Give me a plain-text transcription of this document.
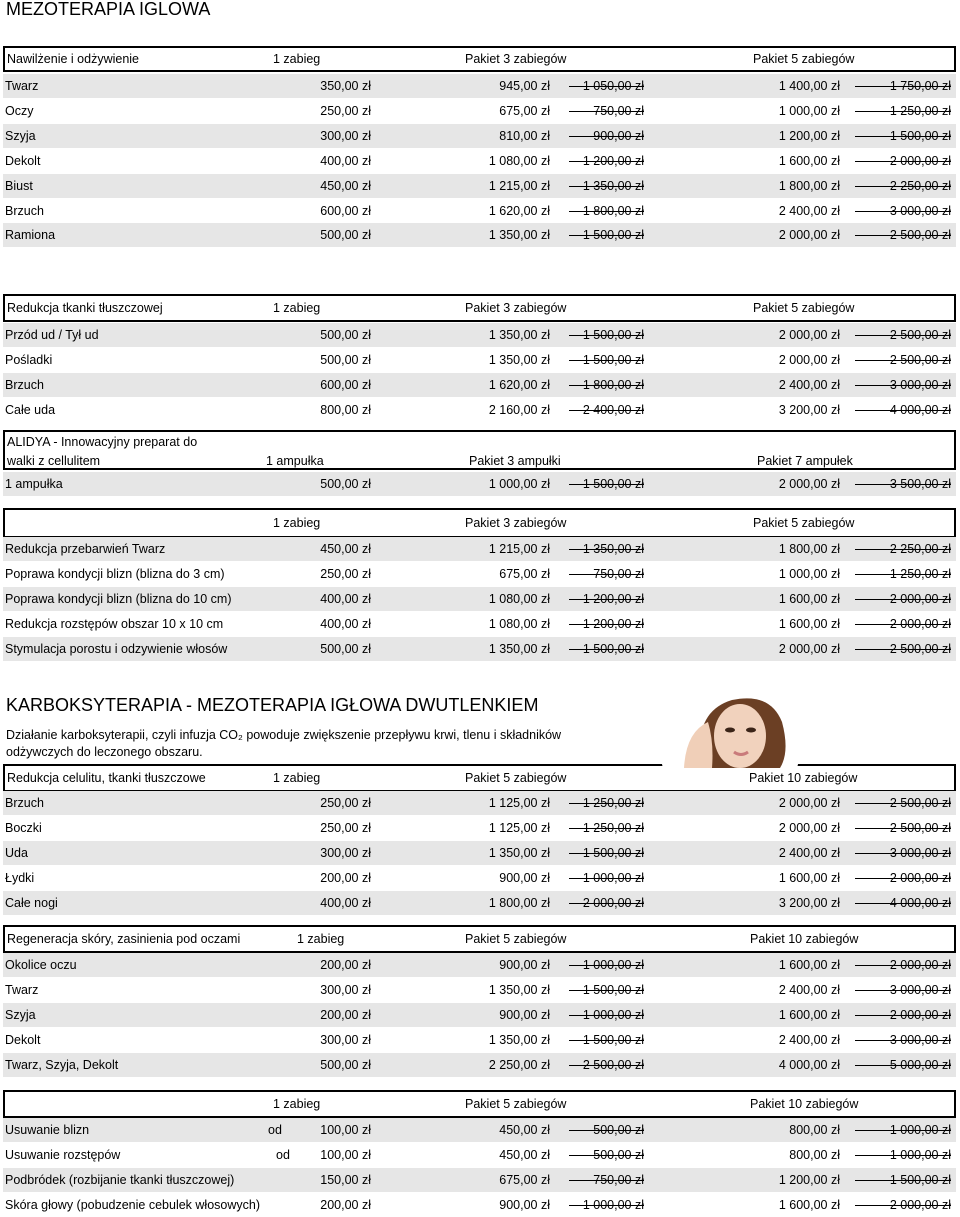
MEZOTERAPIA IGLOWA
Nawilżenie i odżywienie	1 zabieg	Pakiet 3 zabiegów	Pakiet 5 zabiegów
Twarz	350,00 zł	945,00 zł	1 050,00 zł	1 400,00 zł	1 750,00 zł
Oczy	250,00 zł	675,00 zł	750,00 zł	1 000,00 zł	1 250,00 zł
Szyja	300,00 zł	810,00 zł	900,00 zł	1 200,00 zł	1 500,00 zł
Dekolt	400,00 zł	1 080,00 zł	1 200,00 zł	1 600,00 zł	2 000,00 zł
Biust	450,00 zł	1 215,00 zł	1 350,00 zł	1 800,00 zł	2 250,00 zł
Brzuch	600,00 zł	1 620,00 zł	1 800,00 zł	2 400,00 zł	3 000,00 zł
Ramiona	500,00 zł	1 350,00 zł	1 500,00 zł	2 000,00 zł	2 500,00 zł
Redukcja tkanki tłuszczowej	1 zabieg	Pakiet 3 zabiegów	Pakiet 5 zabiegów
Przód ud / Tył ud	500,00 zł	1 350,00 zł	1 500,00 zł	2 000,00 zł	2 500,00 zł
Pośladki	500,00 zł	1 350,00 zł	1 500,00 zł	2 000,00 zł	2 500,00 zł
Brzuch	600,00 zł	1 620,00 zł	1 800,00 zł	2 400,00 zł	3 000,00 zł
Całe uda	800,00 zł	2 160,00 zł	2 400,00 zł	3 200,00 zł	4 000,00 zł
ALIDYA - Innowacyjny preparat do
walki z cellulitem	1 ampułka	Pakiet 3 ampułki	Pakiet 7 ampułek
1 ampułka	500,00 zł	1 000,00 zł	1 500,00 zł	2 000,00 zł	3 500,00 zł
1 zabieg	Pakiet 3 zabiegów	Pakiet 5 zabiegów
Redukcja przebarwień Twarz	450,00 zł	1 215,00 zł	1 350,00 zł	1 800,00 zł	2 250,00 zł
Poprawa kondycji blizn (blizna do 3 cm)	250,00 zł	675,00 zł	750,00 zł	1 000,00 zł	1 250,00 zł
Poprawa kondycji blizn (blizna do 10 cm)	400,00 zł	1 080,00 zł	1 200,00 zł	1 600,00 zł	2 000,00 zł
Redukcja rozstępów obszar 10 x 10 cm	400,00 zł	1 080,00 zł	1 200,00 zł	1 600,00 zł	2 000,00 zł
Stymulacja porostu i odzywienie włosów	500,00 zł	1 350,00 zł	1 500,00 zł	2 000,00 zł	2 500,00 zł
KARBOKSYTERAPIA - MEZOTERAPIA IGŁOWA DWUTLENKIEM
Działanie karboksyterapii, czyli infuzja CO₂ powoduje zwiększenie przepływu krwi, tlenu i składników
odżywczych do leczonego obszaru.
Redukcja celulitu, tkanki tłuszczowe	1 zabieg	Pakiet 5 zabiegów	Pakiet 10 zabiegów
Brzuch	250,00 zł	1 125,00 zł	1 250,00 zł	2 000,00 zł	2 500,00 zł
Boczki	250,00 zł	1 125,00 zł	1 250,00 zł	2 000,00 zł	2 500,00 zł
Uda	300,00 zł	1 350,00 zł	1 500,00 zł	2 400,00 zł	3 000,00 zł
Łydki	200,00 zł	900,00 zł	1 000,00 zł	1 600,00 zł	2 000,00 zł
Całe nogi	400,00 zł	1 800,00 zł	2 000,00 zł	3 200,00 zł	4 000,00 zł
Regeneracja skóry, zasinienia pod oczami	1 zabieg	Pakiet 5 zabiegów	Pakiet 10 zabiegów
Okolice oczu	200,00 zł	900,00 zł	1 000,00 zł	1 600,00 zł	2 000,00 zł
Twarz	300,00 zł	1 350,00 zł	1 500,00 zł	2 400,00 zł	3 000,00 zł
Szyja	200,00 zł	900,00 zł	1 000,00 zł	1 600,00 zł	2 000,00 zł
Dekolt	300,00 zł	1 350,00 zł	1 500,00 zł	2 400,00 zł	3 000,00 zł
Twarz, Szyja, Dekolt	500,00 zł	2 250,00 zł	2 500,00 zł	4 000,00 zł	5 000,00 zł
1 zabieg	Pakiet 5 zabiegów	Pakiet 10 zabiegów
Usuwanie blizn	od	100,00 zł	450,00 zł	500,00 zł	800,00 zł	1 000,00 zł
Usuwanie rozstępów	od 100,00 zł	450,00 zł	500,00 zł	800,00 zł	1 000,00 zł
Podbródek (rozbijanie tkanki tłuszczowej)	150,00 zł	675,00 zł	750,00 zł	1 200,00 zł	1 500,00 zł
Skóra głowy (pobudzenie cebulek włosowych)	200,00 zł	900,00 zł	1 000,00 zł	1 600,00 zł	2 000,00 zł
